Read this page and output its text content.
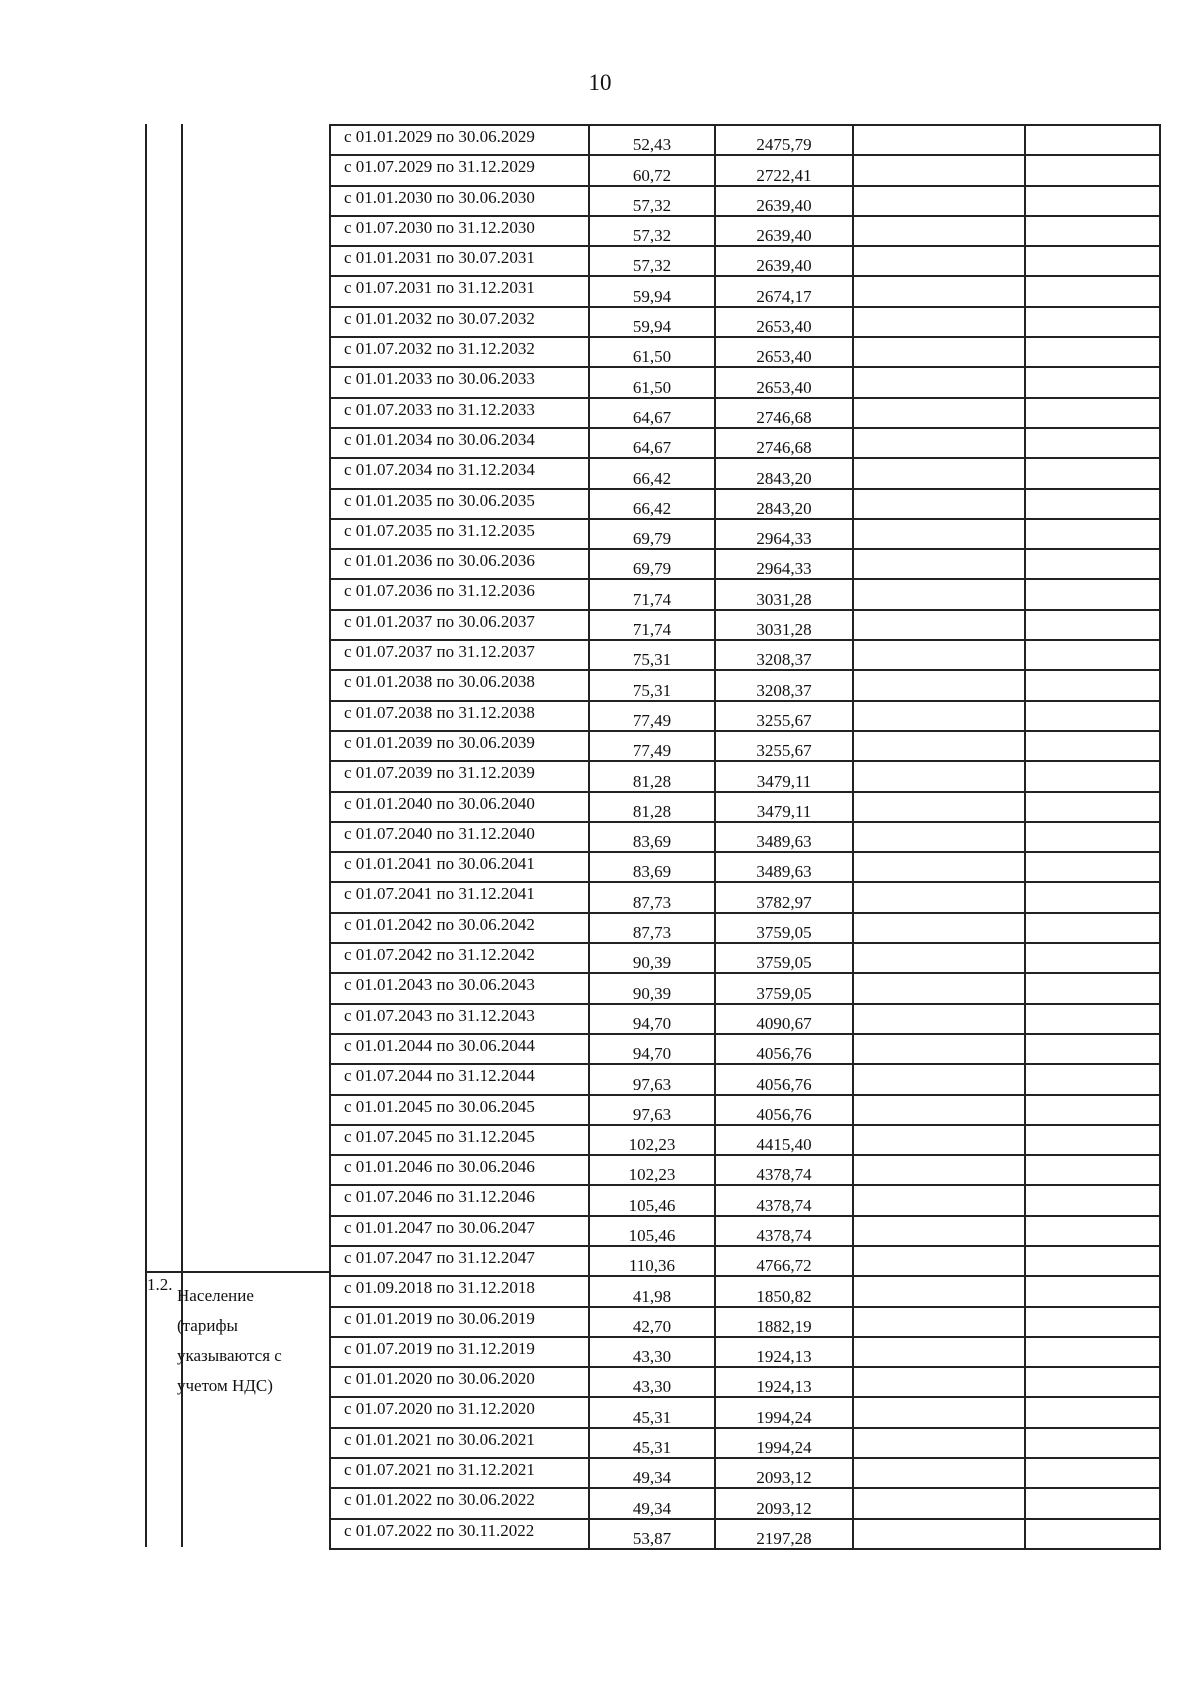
10
1.2.
Население
(тарифы
указываются с
учетом НДС)
с 01.01.2029 по 30.06.2029	52,43	2475,79		
с 01.07.2029 по 31.12.2029	60,72	2722,41		
с 01.01.2030 по 30.06.2030	57,32	2639,40		
с 01.07.2030 по 31.12.2030	57,32	2639,40		
с 01.01.2031 по 30.07.2031	57,32	2639,40		
с 01.07.2031 по 31.12.2031	59,94	2674,17		
с 01.01.2032 по 30.07.2032	59,94	2653,40		
с 01.07.2032 по 31.12.2032	61,50	2653,40		
с 01.01.2033 по 30.06.2033	61,50	2653,40		
с 01.07.2033 по 31.12.2033	64,67	2746,68		
с 01.01.2034 по 30.06.2034	64,67	2746,68		
с 01.07.2034 по 31.12.2034	66,42	2843,20		
с 01.01.2035 по 30.06.2035	66,42	2843,20		
с 01.07.2035 по 31.12.2035	69,79	2964,33		
с 01.01.2036 по 30.06.2036	69,79	2964,33		
с 01.07.2036 по 31.12.2036	71,74	3031,28		
с 01.01.2037 по 30.06.2037	71,74	3031,28		
с 01.07.2037 по 31.12.2037	75,31	3208,37		
с 01.01.2038 по 30.06.2038	75,31	3208,37		
с 01.07.2038 по 31.12.2038	77,49	3255,67		
с 01.01.2039 по 30.06.2039	77,49	3255,67		
с 01.07.2039 по 31.12.2039	81,28	3479,11		
с 01.01.2040 по 30.06.2040	81,28	3479,11		
с 01.07.2040 по 31.12.2040	83,69	3489,63		
с 01.01.2041 по 30.06.2041	83,69	3489,63		
с 01.07.2041 по 31.12.2041	87,73	3782,97		
с 01.01.2042 по 30.06.2042	87,73	3759,05		
с 01.07.2042 по 31.12.2042	90,39	3759,05		
с 01.01.2043 по 30.06.2043	90,39	3759,05		
с 01.07.2043 по 31.12.2043	94,70	4090,67		
с 01.01.2044 по 30.06.2044	94,70	4056,76		
с 01.07.2044 по 31.12.2044	97,63	4056,76		
с 01.01.2045 по 30.06.2045	97,63	4056,76		
с 01.07.2045 по 31.12.2045	102,23	4415,40		
с 01.01.2046 по 30.06.2046	102,23	4378,74		
с 01.07.2046 по 31.12.2046	105,46	4378,74		
с 01.01.2047 по 30.06.2047	105,46	4378,74		
с 01.07.2047 по 31.12.2047	110,36	4766,72		
с 01.09.2018 по 31.12.2018	41,98	1850,82		
с 01.01.2019 по 30.06.2019	42,70	1882,19		
с 01.07.2019 по 31.12.2019	43,30	1924,13		
с 01.01.2020 по 30.06.2020	43,30	1924,13		
с 01.07.2020 по 31.12.2020	45,31	1994,24		
с 01.01.2021 по 30.06.2021	45,31	1994,24		
с 01.07.2021 по 31.12.2021	49,34	2093,12		
с 01.01.2022 по 30.06.2022	49,34	2093,12		
с 01.07.2022 по 30.11.2022	53,87	2197,28		
